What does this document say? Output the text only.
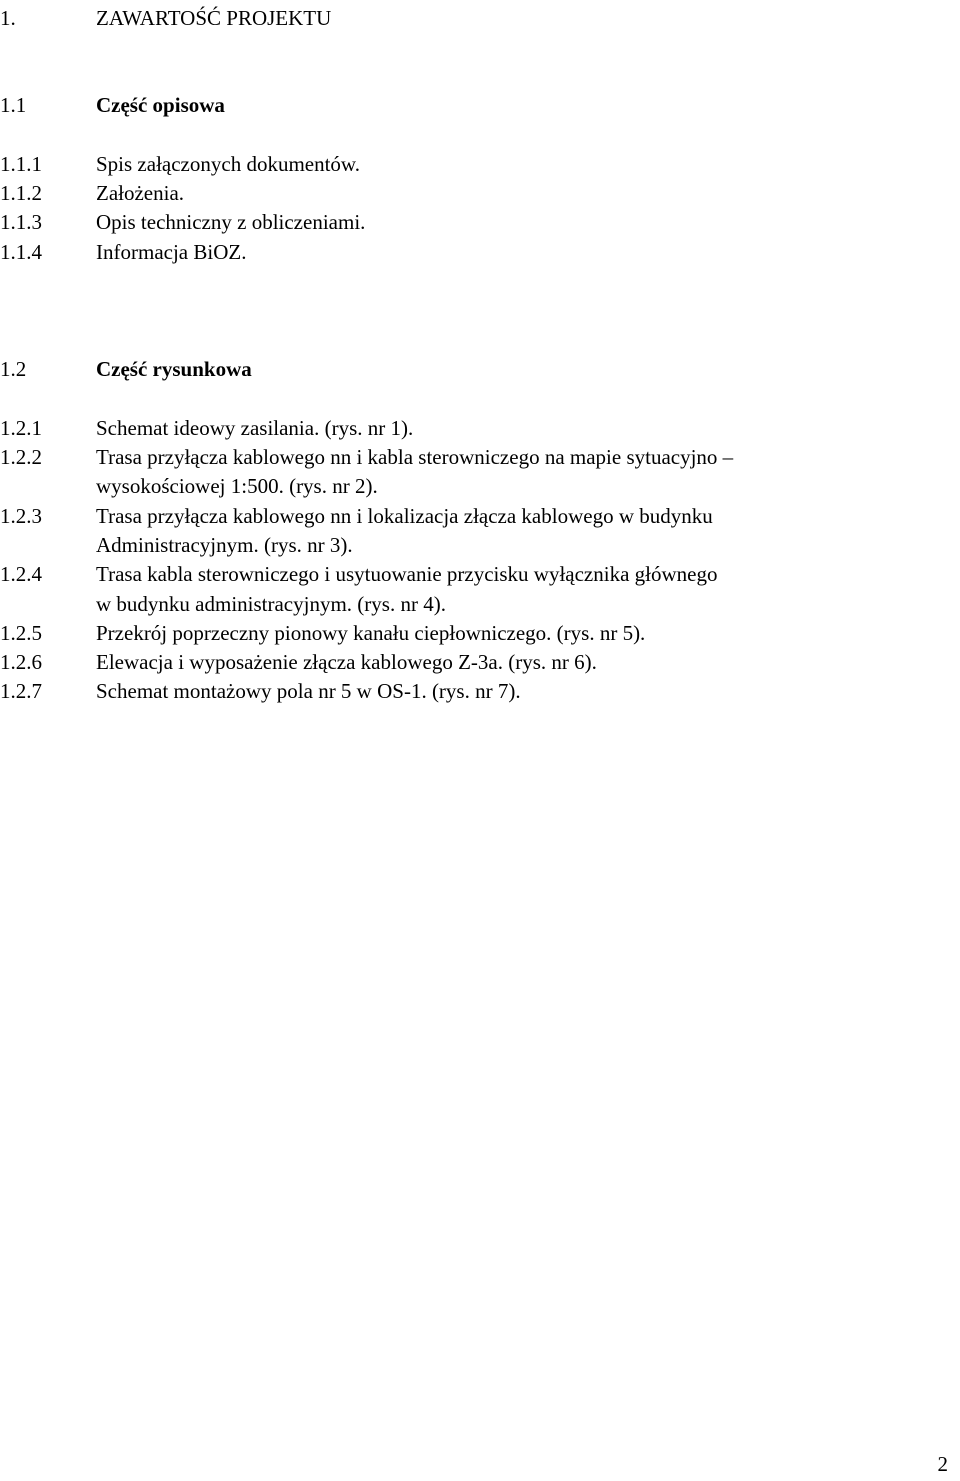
1.	ZAWARTOŚĆ PROJEKTU
1.1	Część opisowa
1.1.1	Spis załączonych dokumentów.
1.1.2	Założenia.
1.1.3	Opis techniczny z obliczeniami.
1.1.4	Informacja BiOZ.
1.2	Część rysunkowa
1.2.1	Schemat ideowy zasilania. (rys. nr 1).
1.2.2	Trasa przyłącza kablowego nn i kabla sterowniczego na mapie sytuacyjno –
wysokościowej 1:500. (rys. nr 2).
1.2.3	Trasa przyłącza kablowego nn i lokalizacja złącza kablowego w budynku
Administracyjnym. (rys. nr 3).
1.2.4	Trasa kabla sterowniczego i usytuowanie przycisku wyłącznika głównego
w budynku administracyjnym. (rys. nr 4).
1.2.5	Przekrój poprzeczny pionowy kanału ciepłowniczego. (rys. nr 5).
1.2.6	Elewacja i wyposażenie złącza kablowego Z-3a. (rys. nr 6).
1.2.7	Schemat montażowy pola nr 5 w OS-1. (rys. nr 7).
2
